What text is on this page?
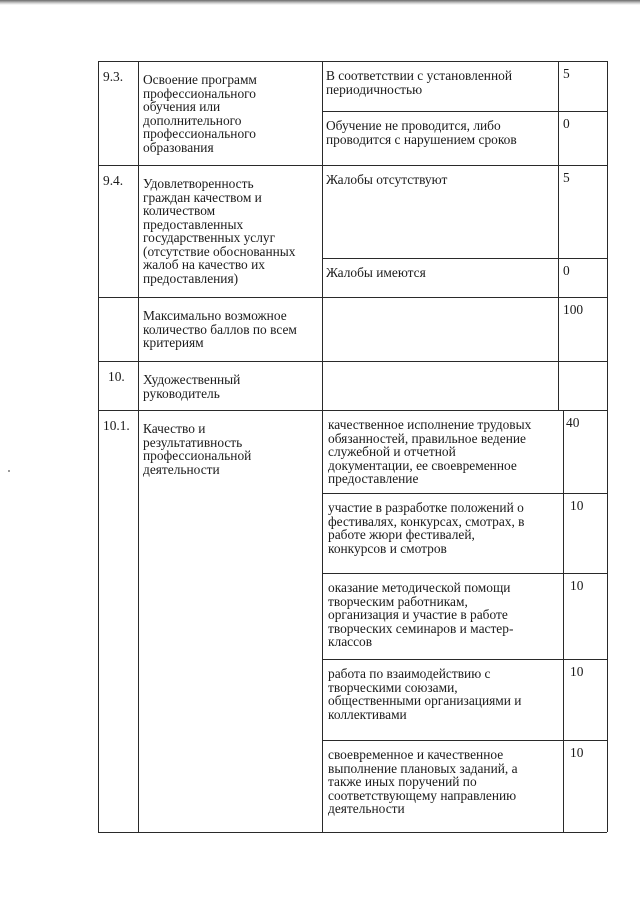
9.3. Освоение программ
профессионального
обучения или
дополнительного
профессионального
образования

В соответствии с установленной
периодичностью

5

Обучение не проводится, либо
проводится с нарушением сроков

0

9.4. Удовлетворенность
граждан качеством и
количеством
предоставленных
государственных услуг
(отсутствие обоснованных
жалоб на качество их
предоставления)

Жалобы отсутствуют	5

Жалобы имеются	0

Максимально возможное
количество баллов по всем
критериям

100

10. Художественный
руководитель

10.1. Качество и
результативность
профессиональной
деятельности

качественное исполнение трудовых
обязанностей, правильное ведение
служебной и отчетной
документации, ее своевременное
предоставление

40

участие в разработке положений о
фестивалях, конкурсах, смотрах, в
работе жюри фестивалей,
конкурсов и смотров

10

оказание методической помощи
творческим работникам,
организация и участие в работе
творческих семинаров и мастер-
классов

10

работа по взаимодействию с
творческими союзами,
общественными организациями и
коллективами

10

своевременное и качественное
выполнение плановых заданий, а
также иных поручений по
соответствующему направлению
деятельности

10
